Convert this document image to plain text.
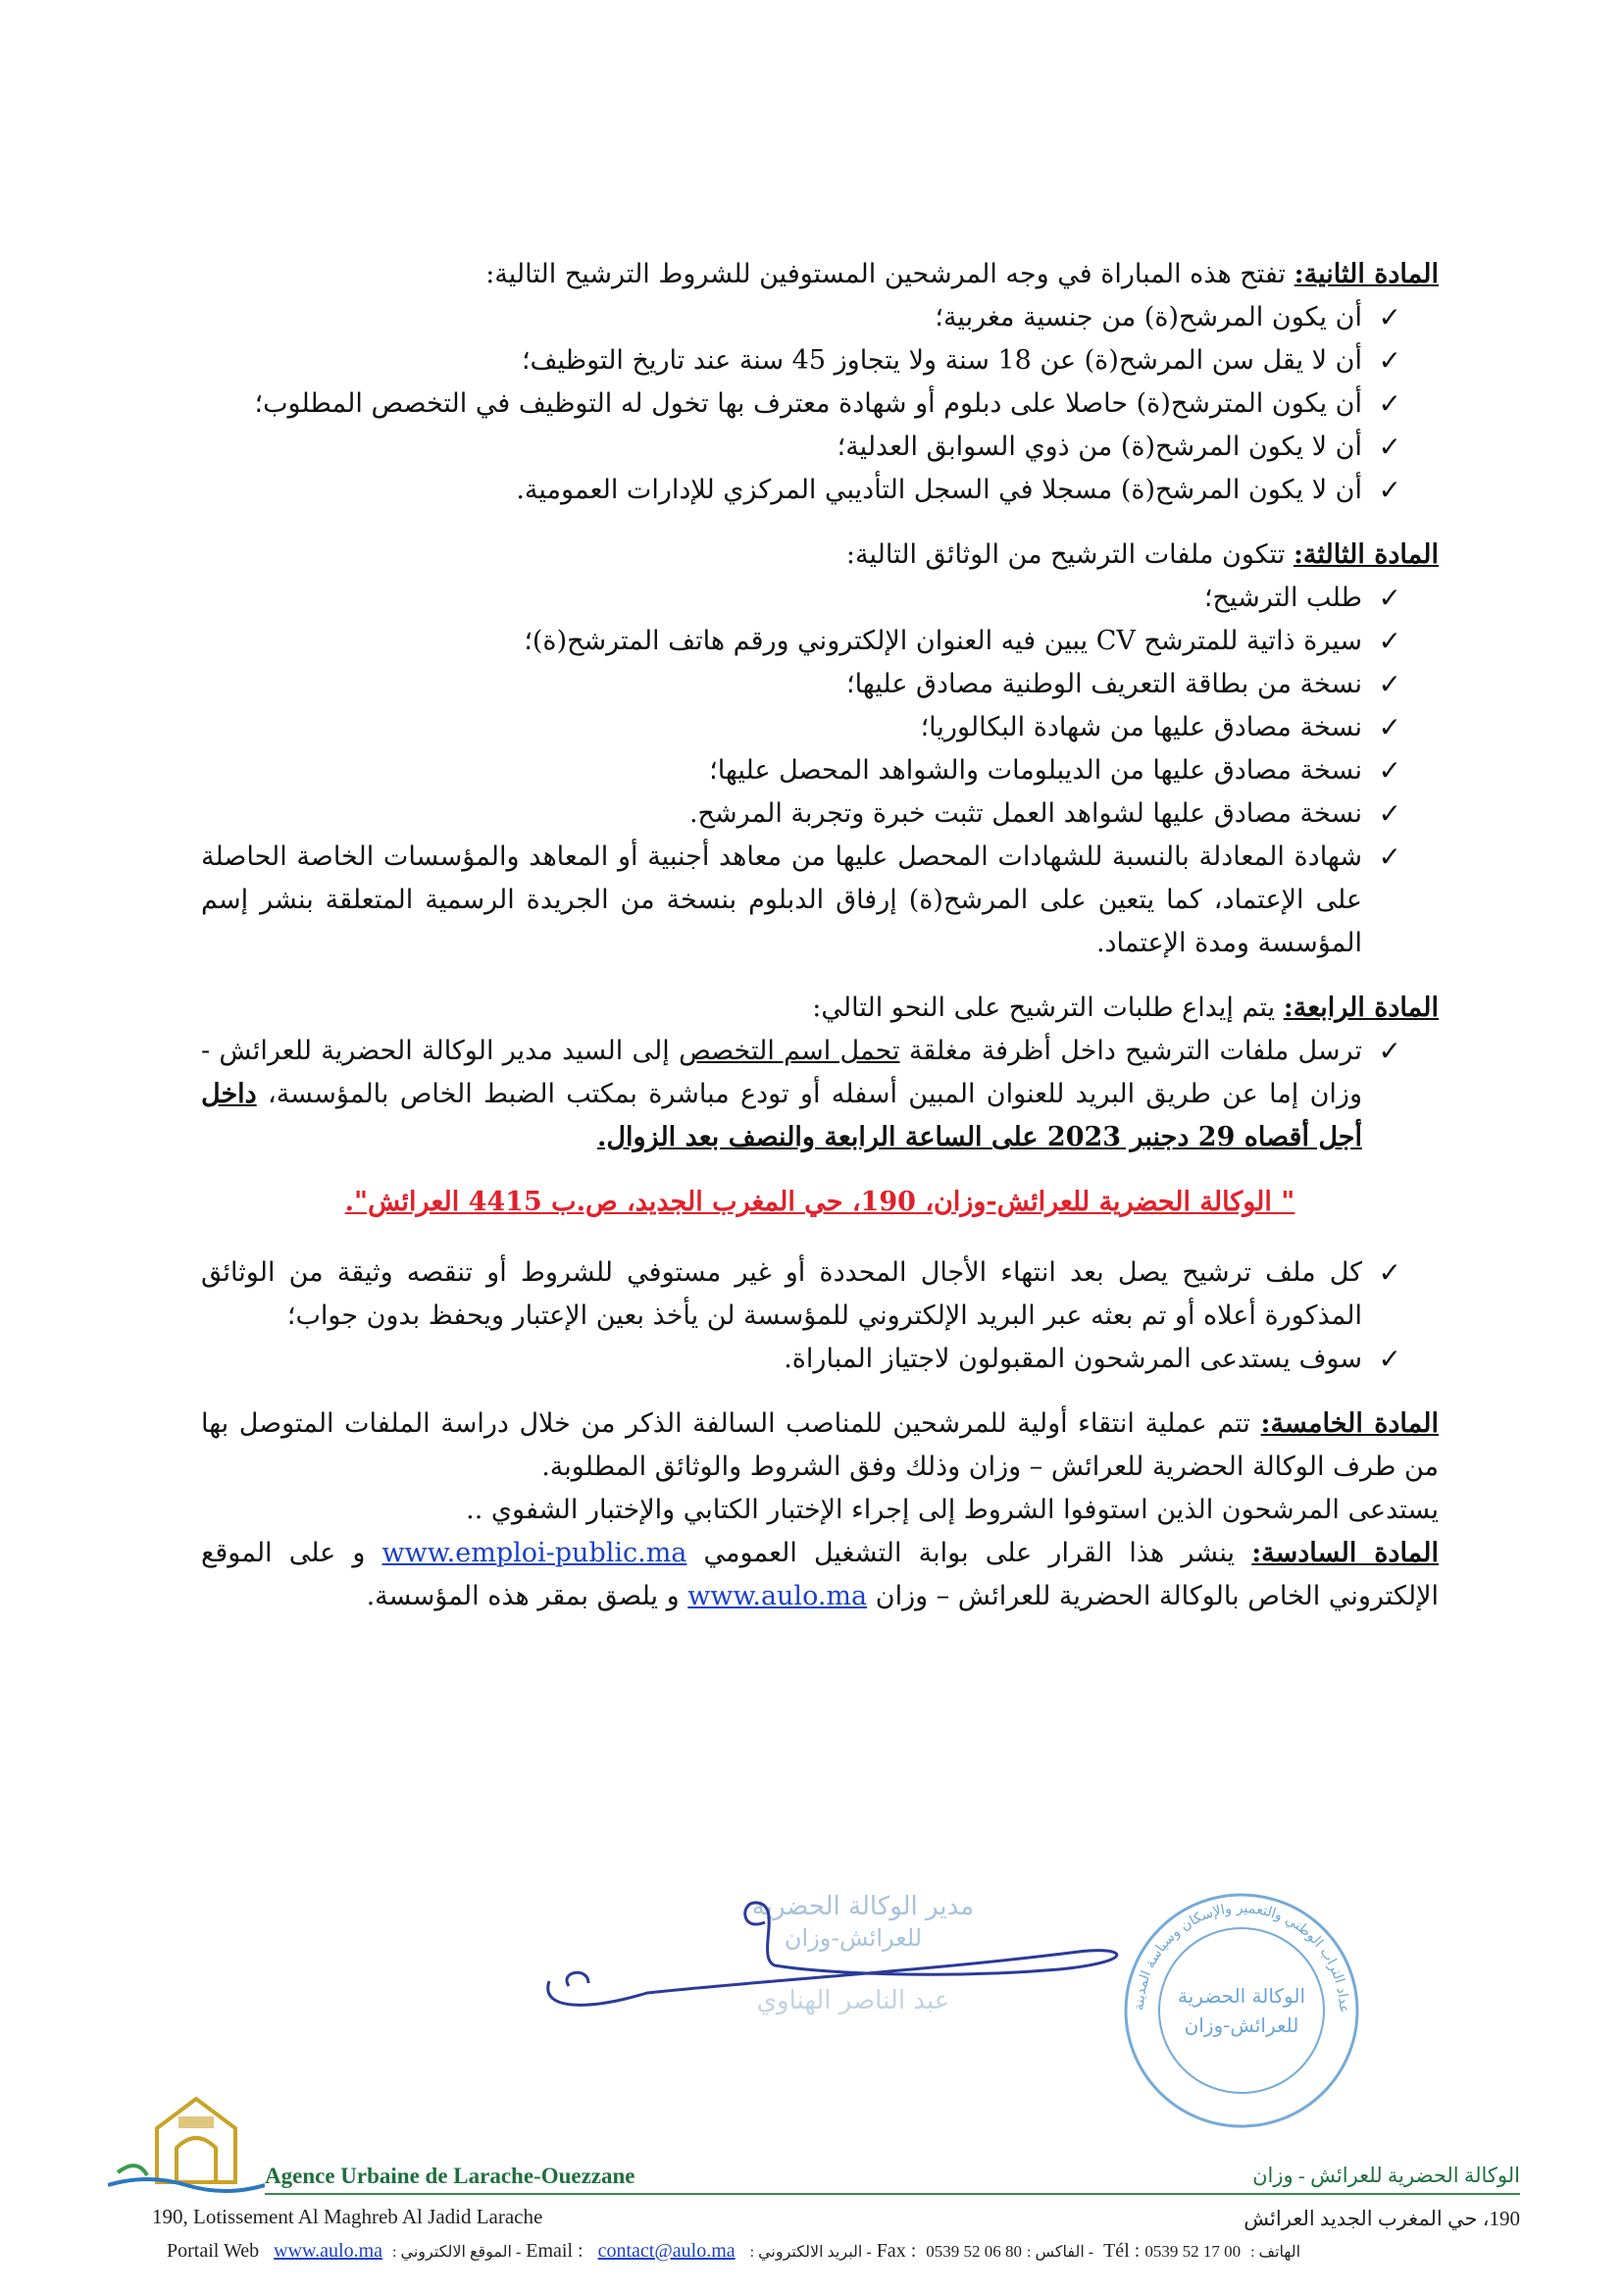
المادة الثانية: تفتح هذه المباراة في وجه المرشحين المستوفين للشروط الترشيح التالية:

✓
أن يكون المرشح(ة) من جنسية مغربية؛
✓
أن لا يقل سن المرشح(ة) عن 18 سنة ولا يتجاوز 45 سنة عند تاريخ التوظيف؛
✓
أن يكون المترشح(ة) حاصلا على دبلوم أو شهادة معترف بها تخول له التوظيف في التخصص المطلوب؛
✓
أن لا يكون المرشح(ة) من ذوي السوابق العدلية؛
✓
أن لا يكون المرشح(ة) مسجلا في السجل التأديبي المركزي للإدارات العمومية.

المادة الثالثة: تتكون ملفات الترشيح من الوثائق التالية:

✓
طلب الترشيح؛
✓
سيرة ذاتية للمترشح CV يبين فيه العنوان الإلكتروني ورقم هاتف المترشح(ة)؛
✓
نسخة من بطاقة التعريف الوطنية مصادق عليها؛
✓
نسخة مصادق عليها من شهادة البكالوريا؛
✓
نسخة مصادق عليها من الديبلومات والشواهد المحصل عليها؛
✓
نسخة مصادق عليها لشواهد العمل تثبت خبرة وتجربة المرشح.
✓
شهادة المعادلة بالنسبة للشهادات المحصل عليها من معاهد أجنبية أو المعاهد والمؤسسات الخاصة الحاصلة على الإعتماد، كما يتعين على المرشح(ة) إرفاق الدبلوم بنسخة من الجريدة الرسمية المتعلقة بنشر إسم المؤسسة ومدة الإعتماد.

المادة الرابعة: يتم إيداع طلبات الترشيح على النحو التالي:

✓
ترسل ملفات الترشيح داخل أظرفة مغلقة تحمل اسم التخصص إلى السيد مدير الوكالة الحضرية للعرائش - وزان إما عن طريق البريد للعنوان المبين أسفله أو تودع مباشرة بمكتب الضبط الخاص بالمؤسسة، داخل أجل أقصاه 29 دجنبر 2023 على الساعة الرابعة والنصف بعد الزوال.

" الوكالة الحضرية للعرائش-وزان، 190، حي المغرب الجديد، ص.ب 4415 العرائش".

✓
كل ملف ترشيح يصل بعد انتهاء الأجال المحددة أو غير مستوفي للشروط أو تنقصه وثيقة من الوثائق المذكورة أعلاه أو تم بعثه عبر البريد الإلكتروني للمؤسسة لن يأخذ بعين الإعتبار ويحفظ بدون جواب؛
✓
سوف يستدعى المرشحون المقبولون لاجتياز المباراة.

المادة الخامسة: تتم عملية انتقاء أولية للمرشحين للمناصب السالفة الذكر من خلال دراسة الملفات المتوصل بها من طرف الوكالة الحضرية للعرائش – وزان وذلك وفق الشروط والوثائق المطلوبة.

يستدعى المرشحون الذين استوفوا الشروط إلى إجراء الإختبار الكتابي والإختبار الشفوي ..

المادة السادسة: ينشر هذا القرار على بوابة التشغيل العمومي www.emploi-public.ma و على الموقع الإلكتروني الخاص بالوكالة الحضرية للعرائش – وزان www.aulo.ma و يلصق بمقر هذه المؤسسة.

مدير الوكالة الحضرية
للعرائش-وزان
عبد الناصر الهناوي	عداد التراب الوطني والتعمير والإسكان وسياسة المدينة
الوكالة الحضرية
للعرائش-وزان
Agence Urbaine de Larache-Ouezzane	الوكالة الحضرية للعرائش - وزان
190, Lotissement Al Maghreb Al Jadid Larache	190، حي المغرب الجديد العرائش
Portail Web www.aulo.ma : الموقع الالكتروني - Email : contact@aulo.ma : البريد الالكتروني - Fax : 0539 52 06 80 : الفاكس - Tél : 0539 52 17 00 : الهاتف
